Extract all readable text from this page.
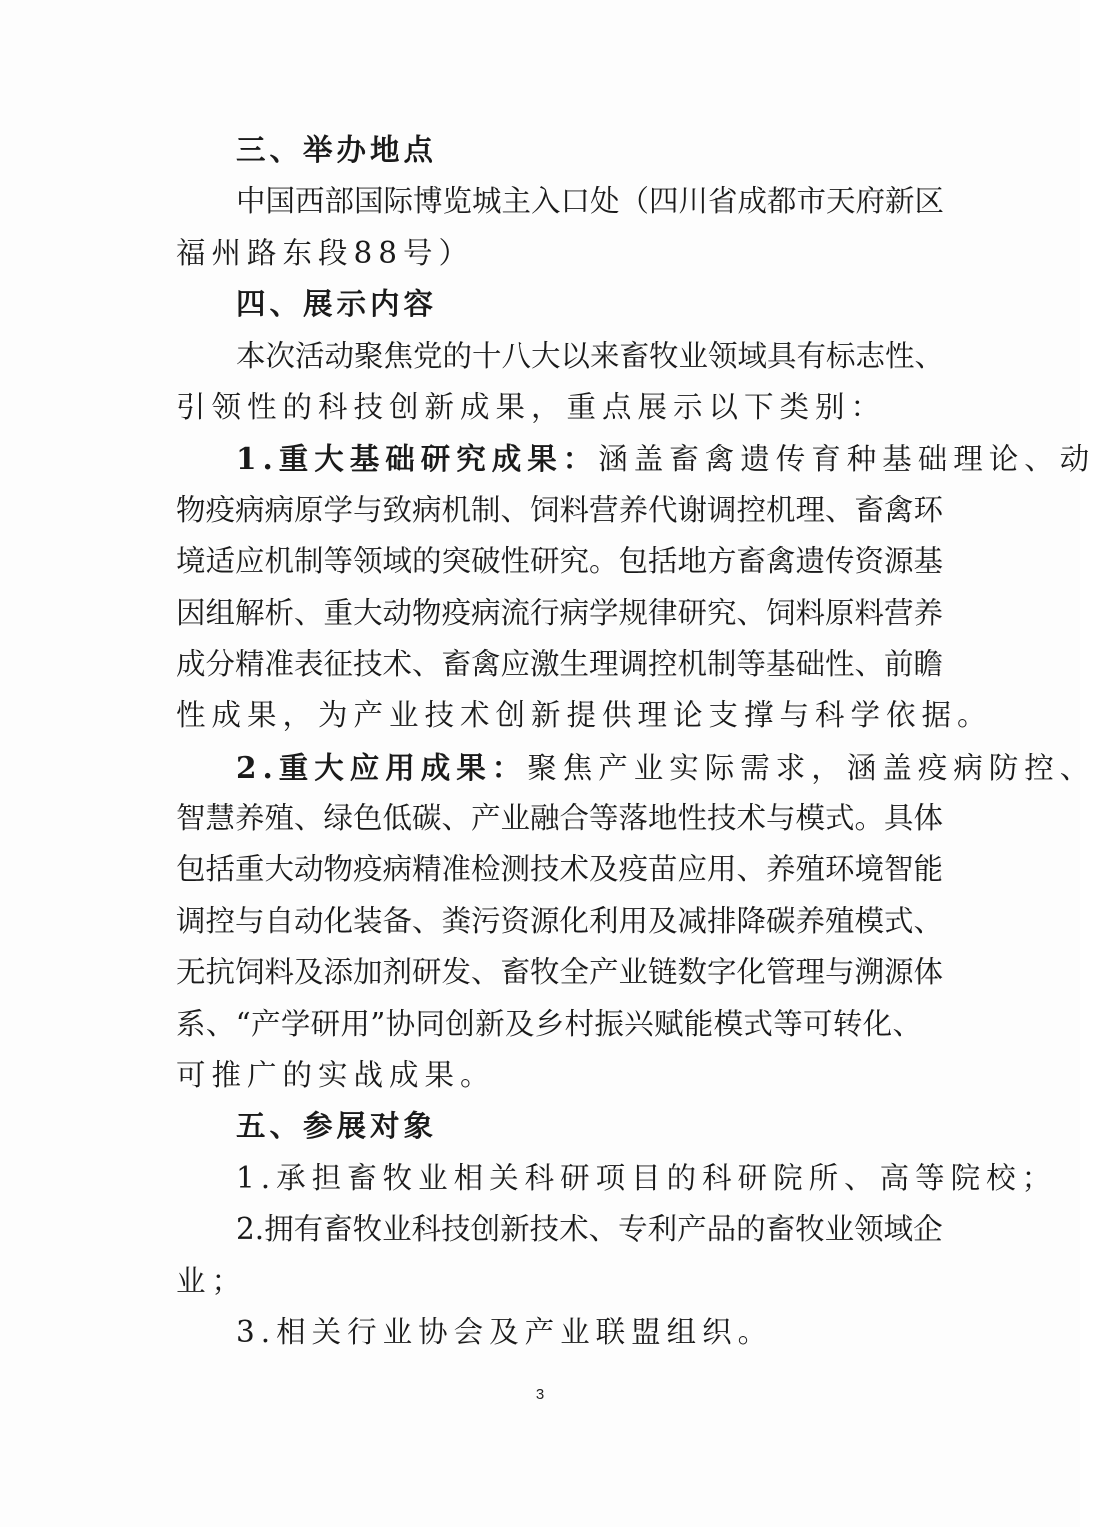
三、举办地点
中国西部国际博览城主入口处（四川省成都市天府新区
福州路东段88号）
四、展示内容
本次活动聚焦党的十八大以来畜牧业领域具有标志性、
引领性的科技创新成果，重点展示以下类别：
1.重大基础研究成果：涵盖畜禽遗传育种基础理论、动
物疫病病原学与致病机制、饲料营养代谢调控机理、畜禽环
境适应机制等领域的突破性研究。包括地方畜禽遗传资源基
因组解析、重大动物疫病流行病学规律研究、饲料原料营养
成分精准表征技术、畜禽应激生理调控机制等基础性、前瞻
性成果，为产业技术创新提供理论支撑与科学依据。
2.重大应用成果：聚焦产业实际需求，涵盖疫病防控、
智慧养殖、绿色低碳、产业融合等落地性技术与模式。具体
包括重大动物疫病精准检测技术及疫苗应用、养殖环境智能
调控与自动化装备、粪污资源化利用及减排降碳养殖模式、
无抗饲料及添加剂研发、畜牧全产业链数字化管理与溯源体
系、“产学研用”协同创新及乡村振兴赋能模式等可转化、
可推广的实战成果。
五、参展对象
1.承担畜牧业相关科研项目的科研院所、高等院校；
2.拥有畜牧业科技创新技术、专利产品的畜牧业领域企
业；
3.相关行业协会及产业联盟组织。
3
